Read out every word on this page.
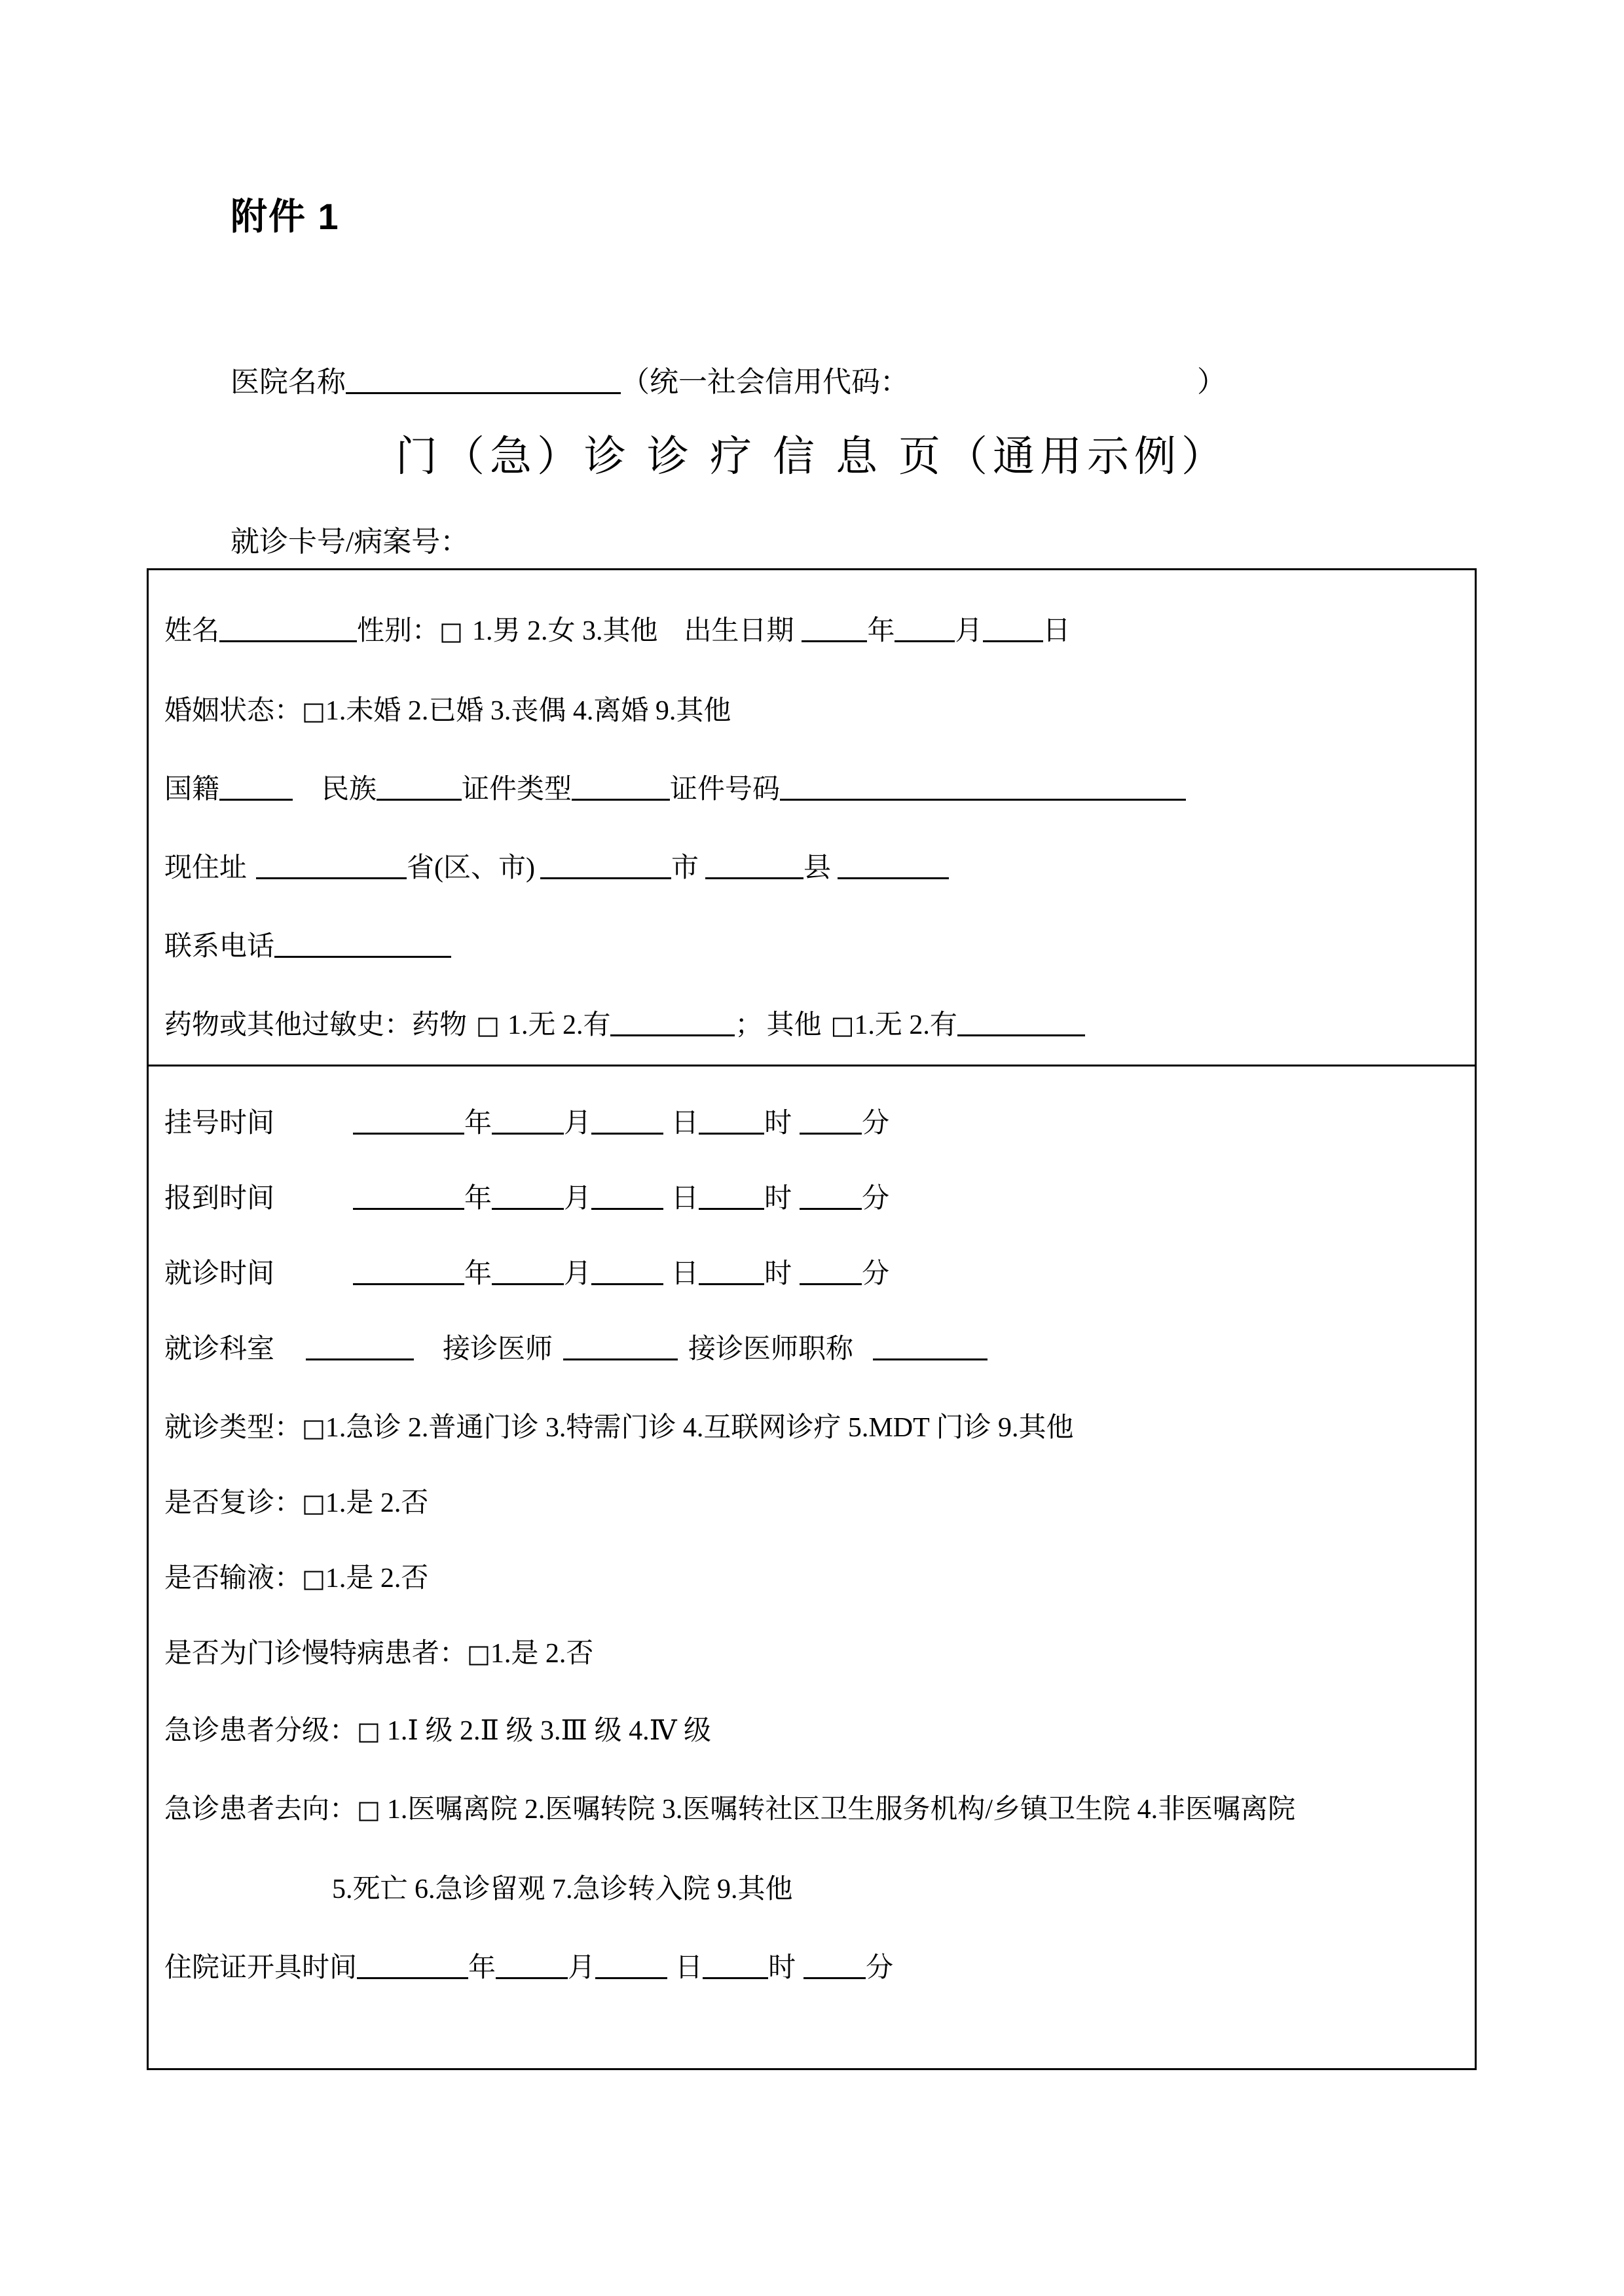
附件 1
医院名称	（统一社会信用代码：	）
门（急）诊 诊 疗 信 息 页（通用示例）
就诊卡号/病案号：
姓名	性别：□ 1.男 2.女 3.其他 出生日期	年 月 日
婚姻状态：□1.未婚 2.已婚 3.丧偶 4.离婚 9.其他
国籍	民族	证件类型	证件号码
现住址	省(区、市)	市	县
联系电话
药物或其他过敏史：药物 □ 1.无 2.有	； 其他 □1.无 2.有
挂号时间	年	月	日 时	分
报到时间	年	月	日 时	分
就诊时间	年	月	日 时	分
就诊科室	接诊医师	接诊医师职称
就诊类型：□1.急诊 2.普通门诊 3.特需门诊 4.互联网诊疗 5.MDT 门诊 9.其他
是否复诊：□1.是 2.否
是否输液：□1.是 2.否
是否为门诊慢特病患者：□1.是 2.否
急诊患者分级：□ 1.Ⅰ 级 2.Ⅱ 级 3.Ⅲ 级 4.Ⅳ 级
急诊患者去向：□ 1.医嘱离院 2.医嘱转院 3.医嘱转社区卫生服务机构/乡镇卫生院 4.非医嘱离院
5.死亡 6.急诊留观 7.急诊转入院 9.其他
住院证开具时间	年	月	日 时	分
